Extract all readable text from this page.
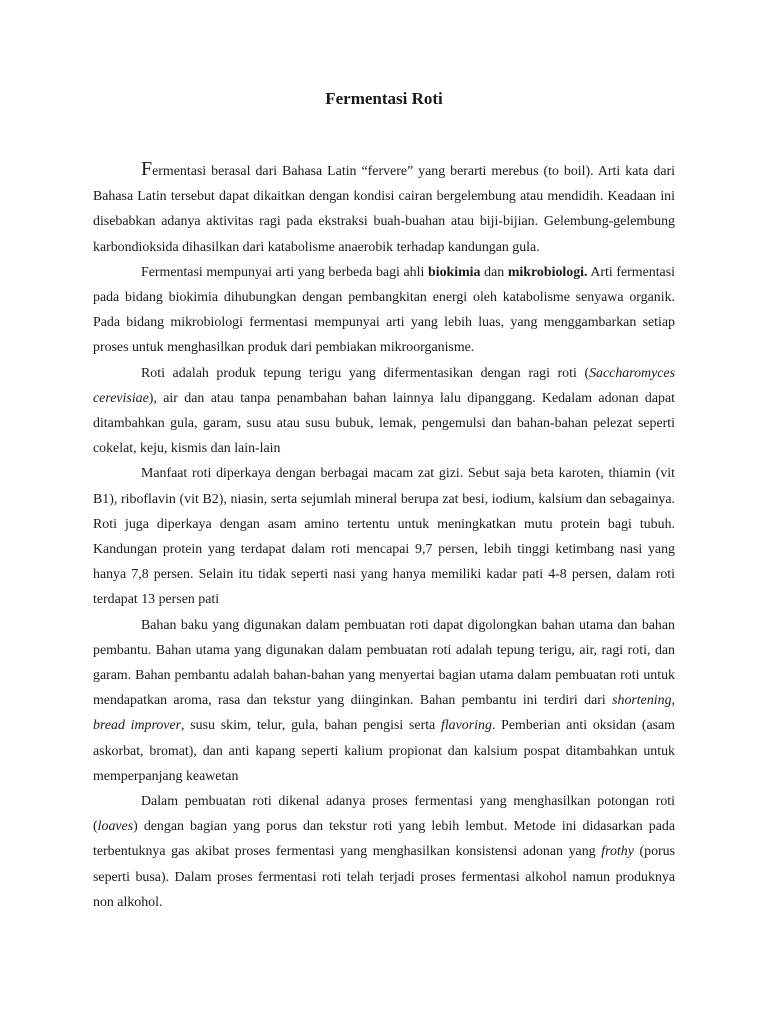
Fermentasi Roti

Fermentasi berasal dari Bahasa Latin “fervere” yang berarti merebus (to boil). Arti kata dari Bahasa Latin tersebut dapat dikaitkan dengan kondisi cairan bergelembung atau mendidih. Keadaan ini disebabkan adanya aktivitas ragi pada ekstraksi buah-buahan atau biji-bijian. Gelembung-gelembung karbondioksida dihasilkan dari katabolisme anaerobik terhadap kandungan gula.

Fermentasi mempunyai arti yang berbeda bagi ahli biokimia dan mikrobiologi. Arti fermentasi pada bidang biokimia dihubungkan dengan pembangkitan energi oleh katabolisme senyawa organik. Pada bidang mikrobiologi fermentasi mempunyai arti yang lebih luas, yang menggambarkan setiap proses untuk menghasilkan produk dari pembiakan mikroorganisme.

Roti adalah produk tepung terigu yang difermentasikan dengan ragi roti (Saccharomyces cerevisiae), air dan atau tanpa penambahan bahan lainnya lalu dipanggang. Kedalam adonan dapat ditambahkan gula, garam, susu atau susu bubuk, lemak, pengemulsi dan bahan-bahan pelezat seperti cokelat, keju, kismis dan lain-lain

Manfaat roti diperkaya dengan berbagai macam zat gizi. Sebut saja beta karoten, thiamin (vit B1), riboflavin (vit B2), niasin, serta sejumlah mineral berupa zat besi, iodium, kalsium dan sebagainya. Roti juga diperkaya dengan asam amino tertentu untuk meningkatkan mutu protein bagi tubuh. Kandungan protein yang terdapat dalam roti mencapai 9,7 persen, lebih tinggi ketimbang nasi yang hanya 7,8 persen. Selain itu tidak seperti nasi yang hanya memiliki kadar pati 4-8 persen, dalam roti terdapat 13 persen pati

Bahan baku yang digunakan dalam pembuatan roti dapat digolongkan bahan utama dan bahan pembantu. Bahan utama yang digunakan dalam pembuatan roti adalah tepung terigu, air, ragi roti, dan garam. Bahan pembantu adalah bahan-bahan yang menyertai bagian utama dalam pembuatan roti untuk mendapatkan aroma, rasa dan tekstur yang diinginkan. Bahan pembantu ini terdiri dari shortening, bread improver, susu skim, telur, gula, bahan pengisi serta flavoring. Pemberian anti oksidan (asam askorbat, bromat), dan anti kapang seperti kalium propionat dan kalsium pospat ditambahkan untuk memperpanjang keawetan

Dalam pembuatan roti dikenal adanya proses fermentasi yang menghasilkan potongan roti (loaves) dengan bagian yang porus dan tekstur roti yang lebih lembut. Metode ini didasarkan pada terbentuknya gas akibat proses fermentasi yang menghasilkan konsistensi adonan yang frothy (porus seperti busa). Dalam proses fermentasi roti telah terjadi proses fermentasi alkohol namun produknya non alkohol.
